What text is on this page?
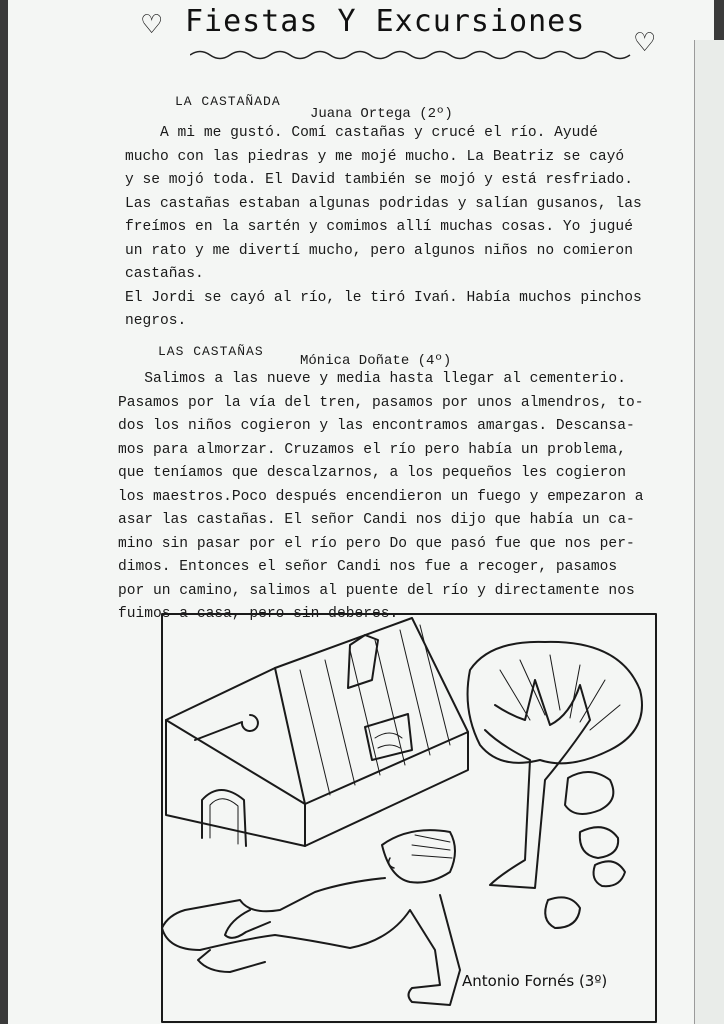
♡ Fiestas Y Excursiones
♡
LA CASTAÑADA
Juana Ortega (2º)
A mi me gustó. Comí castañas y crucé el río. Ayudé
mucho con las piedras y me mojé mucho. La Beatriz se cayó
y se mojó toda. El David también se mojó y está resfriado.
Las castañas estaban algunas podridas y salían gusanos, las
freímos en la sartén y comimos allí muchas cosas. Yo jugué
un rato y me divertí mucho, pero algunos niños no comieron
castañas.
El Jordi se cayó al río, le tiró Ivań. Había muchos pinchos
negros.
LAS CASTAÑAS
Mónica Doñate (4º)
Salimos a las nueve y media hasta llegar al cementerio.
Pasamos por la vía del tren, pasamos por unos almendros, to-
dos los niños cogieron y las encontramos amargas. Descansa-
mos para almorzar. Cruzamos el río pero había un problema,
que teníamos que descalzarnos, a los pequeños les cogieron
los maestros.Poco después encendieron un fuego y empezaron a
asar las castañas. El señor Candi nos dijo que había un ca-
mino sin pasar por el río pero Do que pasó fue que nos per-
dimos. Entonces el señor Candi nos fue a recoger, pasamos
por un camino, salimos al puente del río y directamente nos
fuimos a casa, pero sin deberes.
Antonio Fornés (3º)
